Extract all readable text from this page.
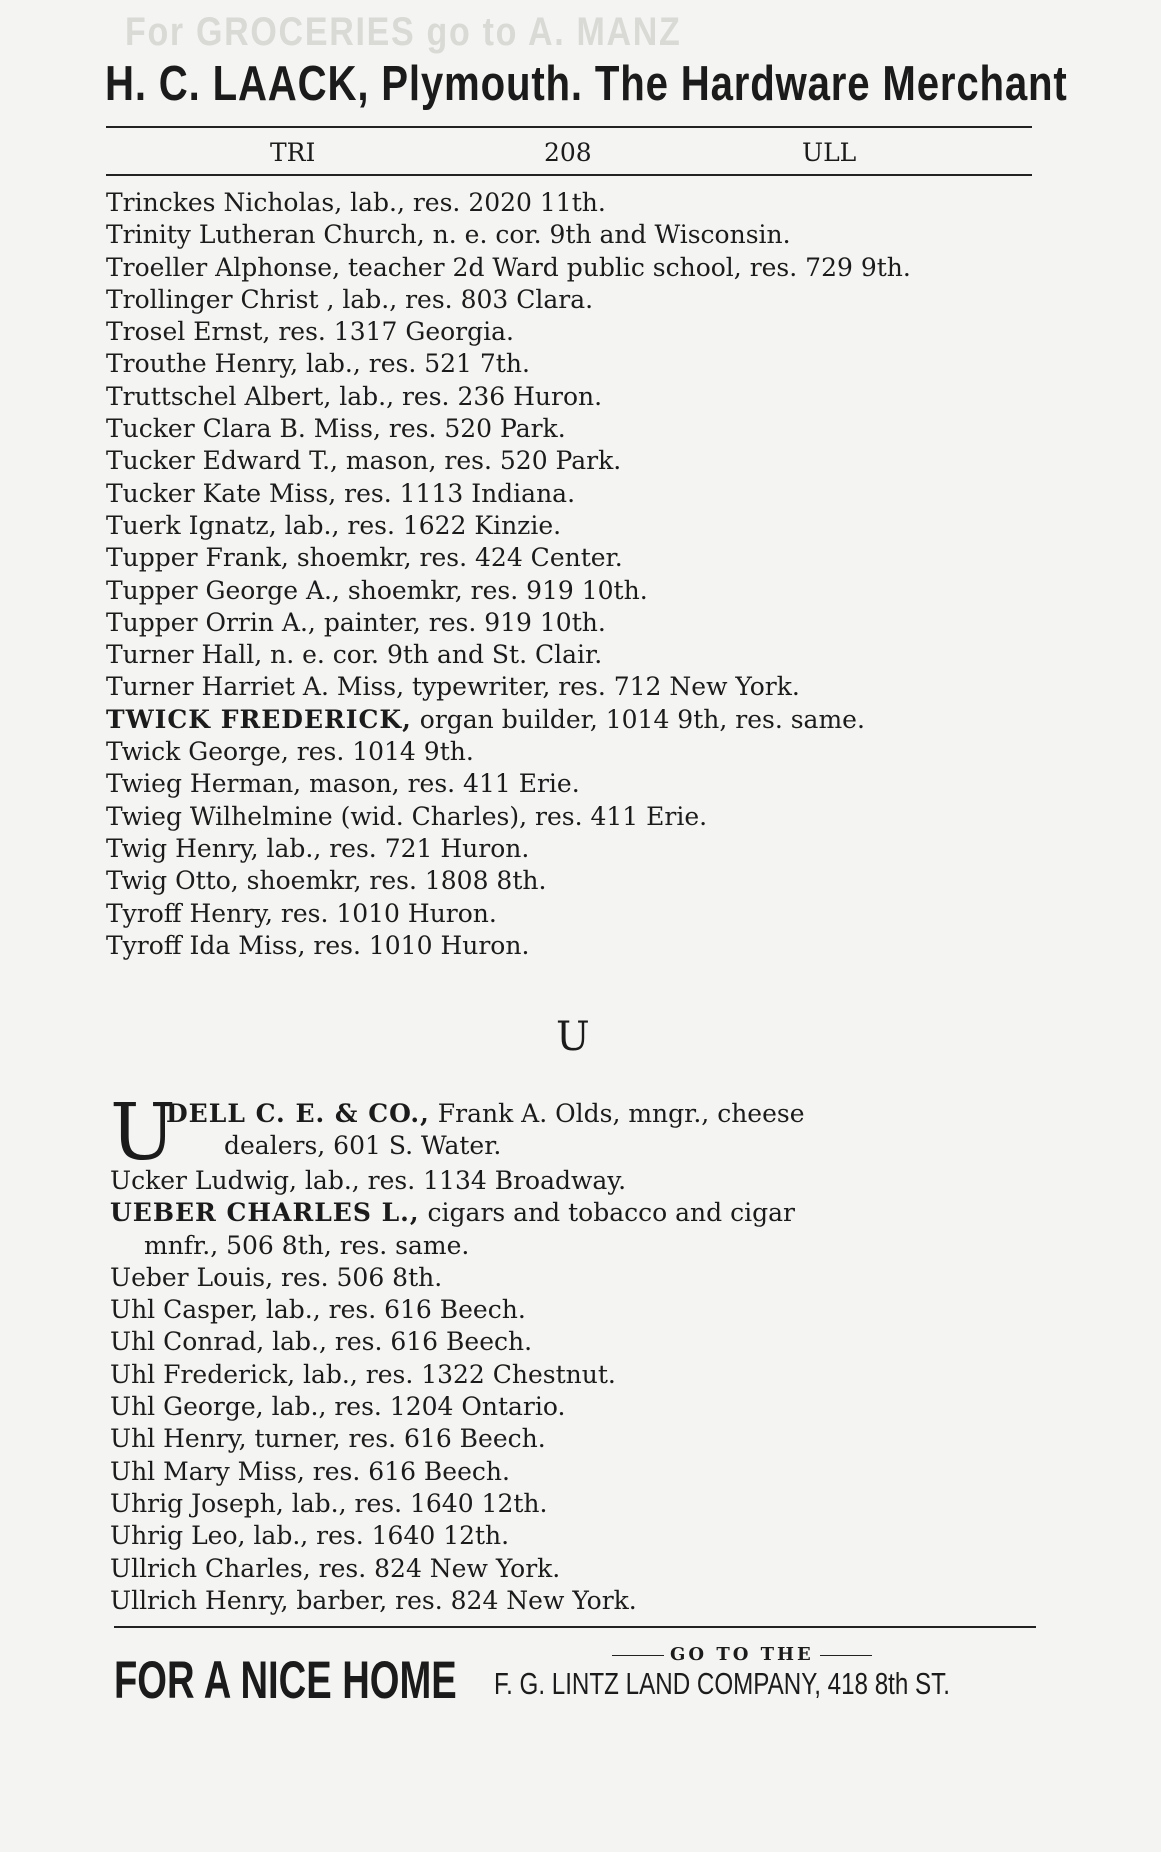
For GROCERIES go to A. MANZ
H. C. LAACK, Plymouth. The Hardware Merchant
TRI	208	ULL
Trinckes Nicholas, lab., res. 2020 11th.
Trinity Lutheran Church, n. e. cor. 9th and Wisconsin.
Troeller Alphonse, teacher 2d Ward public school, res. 729 9th.
Trollinger Christ , lab., res. 803 Clara.
Trosel Ernst, res. 1317 Georgia.
Trouthe Henry, lab., res. 521 7th.
Truttschel Albert, lab., res. 236 Huron.
Tucker Clara B. Miss, res. 520 Park.
Tucker Edward T., mason, res. 520 Park.
Tucker Kate Miss, res. 1113 Indiana.
Tuerk Ignatz, lab., res. 1622 Kinzie.
Tupper Frank, shoemkr, res. 424 Center.
Tupper George A., shoemkr, res. 919 10th.
Tupper Orrin A., painter, res. 919 10th.
Turner Hall, n. e. cor. 9th and St. Clair.
Turner Harriet A. Miss, typewriter, res. 712 New York.
TWICK FREDERICK, organ builder, 1014 9th, res. same.
Twick George, res. 1014 9th.
Twieg Herman, mason, res. 411 Erie.
Twieg Wilhelmine (wid. Charles), res. 411 Erie.
Twig Henry, lab., res. 721 Huron.
Twig Otto, shoemkr, res. 1808 8th.
Tyroff Henry, res. 1010 Huron.
Tyroff Ida Miss, res. 1010 Huron.
U
U
DELL C. E. & CO., Frank A. Olds, mngr., cheese
dealers, 601 S. Water.
Ucker Ludwig, lab., res. 1134 Broadway.
UEBER CHARLES L., cigars and tobacco and cigar
mnfr., 506 8th, res. same.
Ueber Louis, res. 506 8th.
Uhl Casper, lab., res. 616 Beech.
Uhl Conrad, lab., res. 616 Beech.
Uhl Frederick, lab., res. 1322 Chestnut.
Uhl George, lab., res. 1204 Ontario.
Uhl Henry, turner, res. 616 Beech.
Uhl Mary Miss, res. 616 Beech.
Uhrig Joseph, lab., res. 1640 12th.
Uhrig Leo, lab., res. 1640 12th.
Ullrich Charles, res. 824 New York.
Ullrich Henry, barber, res. 824 New York.
FOR A NICE HOME	GO TO THE
F. G. LINTZ LAND COMPANY, 418 8th ST.
